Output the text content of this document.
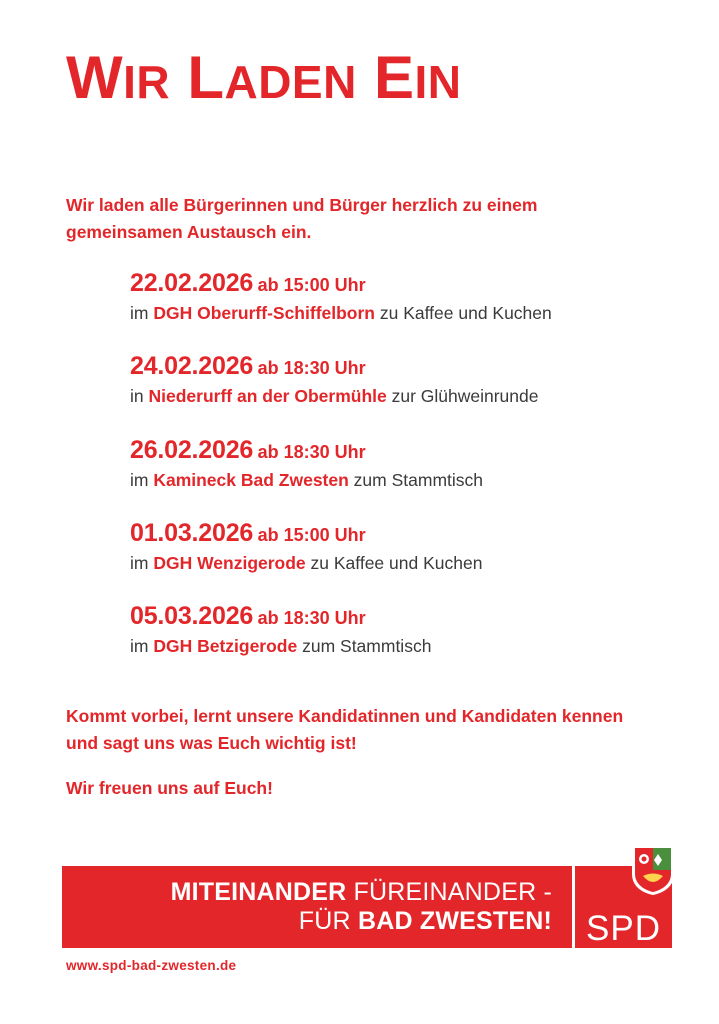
WIR LADEN EIN
Wir laden alle Bürgerinnen und Bürger herzlich zu einem gemeinsamen Austausch ein.
22.02.2026 ab 15:00 Uhr
im DGH Oberurff-Schiffelborn zu Kaffee und Kuchen
24.02.2026 ab 18:30 Uhr
in Niederurff an der Obermühle zur Glühweinrunde
26.02.2026 ab 18:30 Uhr
im Kamineck Bad Zwesten zum Stammtisch
01.03.2026 ab 15:00 Uhr
im DGH Wenzigerode zu Kaffee und Kuchen
05.03.2026 ab 18:30 Uhr
im DGH Betzigerode zum Stammtisch
Kommt vorbei, lernt unsere Kandidatinnen und Kandidaten kennen und sagt uns was Euch wichtig ist!
Wir freuen uns auf Euch!
MITEINANDER FÜREINANDER -
FÜR BAD ZWESTEN! SPD
www.spd-bad-zwesten.de
